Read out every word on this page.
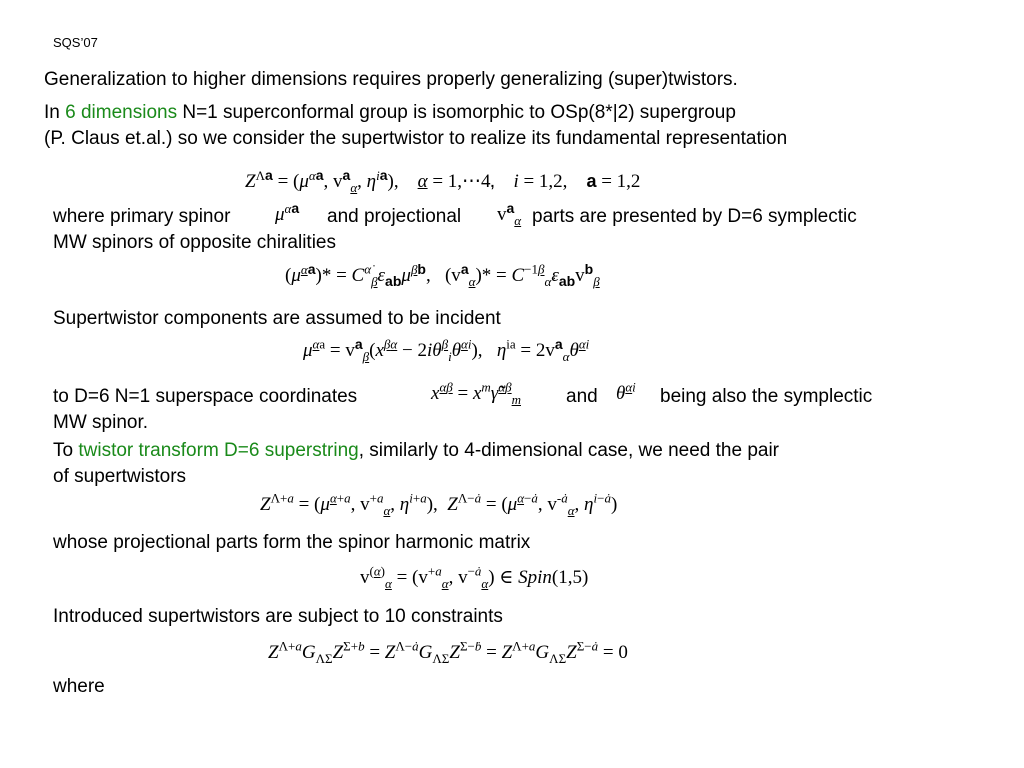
SQS’07
Generalization to higher dimensions requires properly generalizing (super)twistors.
In 6 dimensions N=1 superconformal group is isomorphic to OSp(8*|2) supergroup
(P. Claus et.al.) so we consider the supertwistor to realize its fundamental representation
$Z^{\Lambda a} = (\mu^{\alpha a}$, $v^a_\alpha$, $\eta^{ia}$),    α = 1,⋯4, i = 1,2,    a = 1,2
where primary spinor $\mu^{\alpha a}$ and projectional $v^a_\alpha$ parts are presented by D=6 symplectic
MW spinors of opposite chiralities
$(\mu^{\alpha a})* = C^{\alphȧ}_\beta\varepsilon_{ab}\mu^{\beta b}$,   $(v^a_\alpha)* = C^{-1\beta}_{\alphȧ}\varepsilon_{ab}v^b_\beta$
Supertwistor components are assumed to be incident
$\mu^{\alpha a} = v^a_\beta(x^{\beta\alpha} - 2i\theta^\beta_i\theta^{\alpha i})$,   $\eta^{ia} = 2v^a_\alpha\theta^{\alpha i}$
to D=6 N=1 superspace coordinates	$x^{\alpha\beta}$ = $x^m\gammã^{\alpha\beta}_m$ and $\theta^{\alpha i}$ being also the symplectic
MW spinor.
To twistor transform D=6 superstring, similarly to 4-dimensional case, we need the pair
of supertwistors
$Z^{\Lambda+a} = (\mu^{\alpha+a}$, $v^{+a}_\alpha$, $\eta^{i+a}$),  $Z^{\Lambda-ȧ} = (\mu^{\alpha-ȧ}$, $v^{-ȧ}_\alpha$, $\eta^{i-ȧ}$)
whose projectional parts form the spinor harmonic matrix
$v^{(\alpha)}_\alpha = (v^{+a}_\alpha$, $v^{-ȧ}_\alpha$) ∈ Spin(1,5)
Introduced supertwistors are subject to 10 constraints
$Z^{\Lambda+a}G_{\Lambda\Sigma}Z^{\Sigma+b} = Z^{\Lambda-ȧ}G_{\Lambda\Sigma}Z^{\Sigma-ḃ} = Z^{\Lambda+a}G_{\Lambda\Sigma}Z^{\Sigma-ȧ} = 0$
where
